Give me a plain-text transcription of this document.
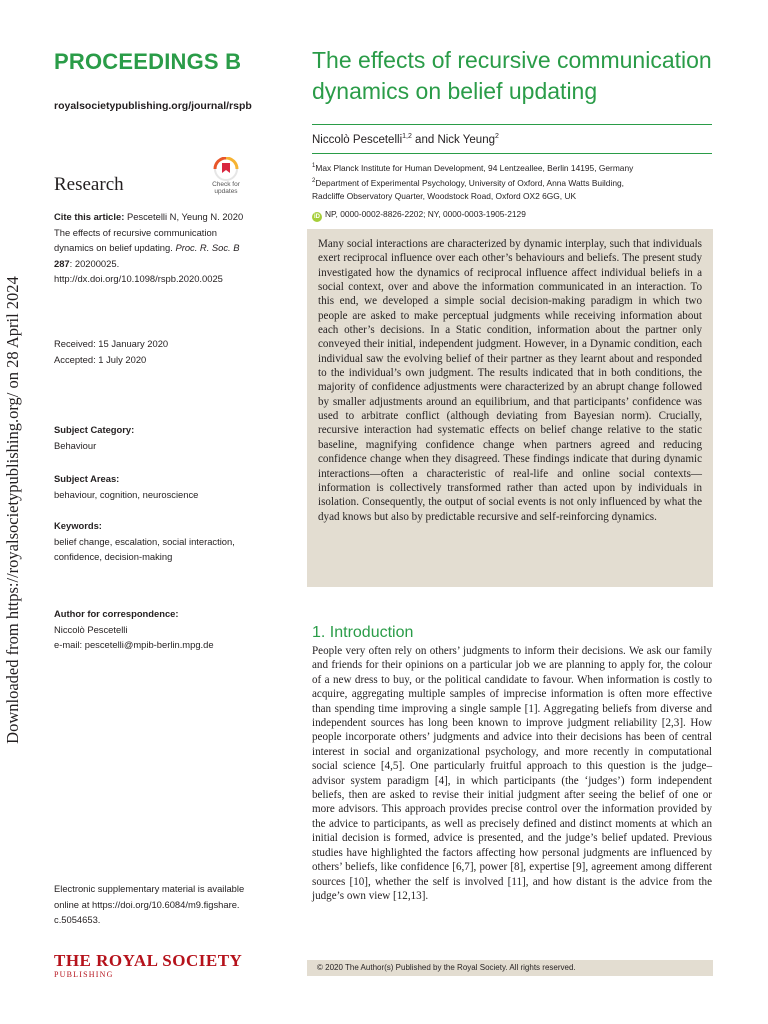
Downloaded from https://royalsocietypublishing.org/ on 28 April 2024
PROCEEDINGS B
royalsocietypublishing.org/journal/rspb
Research	Check for updates
Cite this article: Pescetelli N, Yeung N. 2020 The effects of recursive communication dynamics on belief updating. Proc. R. Soc. B
287: 20200025.
http://dx.doi.org/10.1098/rspb.2020.0025
Received: 15 January 2020
Accepted: 1 July 2020
Subject Category:
Behaviour
Subject Areas:
behaviour, cognition, neuroscience
Keywords:
belief change, escalation, social interaction,
confidence, decision-making
Author for correspondence:
Niccolò Pescetelli
e-mail: pescetelli@mpib-berlin.mpg.de
Electronic supplementary material is available
online at https://doi.org/10.6084/m9.figshare.
c.5054653.
THE ROYAL SOCIETY
PUBLISHING
The effects of recursive communication dynamics on belief updating
Niccolò Pescetelli$^{1,2}$ and Nick Yeung$^2$
$^1$Max Planck Institute for Human Development, 94 Lentzeallee, Berlin 14195, Germany
$^2$Department of Experimental Psychology, University of Oxford, Anna Watts Building,
Radcliffe Observatory Quarter, Woodstock Road, Oxford OX2 6GG, UK
iD NP, 0000-0002-8826-2202; NY, 0000-0003-1905-2129

Many social interactions are characterized by dynamic interplay, such that individuals exert reciprocal influence over each other’s behaviours and beliefs. The present study investigated how the dynamics of reciprocal influence affect individual beliefs in a social context, over and above the information communicated in an interaction. To this end, we developed a simple social decision-making paradigm in which two people are asked to make perceptual judgments while receiving information about each other’s decisions. In a Static condition, information about the partner only conveyed their initial, independent judgment. However, in a Dynamic condition, each individual saw the evolving belief of their partner as they learnt about and responded to the individual’s own judgment. The results indicated that in both conditions, the majority of confidence adjustments were characterized by an abrupt change followed by smaller adjustments around an equilibrium, and that participants’ confidence was used to arbitrate conflict (although deviating from Bayesian norm). Crucially, recursive interaction had systematic effects on belief change relative to the static baseline, magnifying confidence change when partners agreed and reducing confidence change when they disagreed. These findings indicate that during dynamic interactions—often a characteristic of real-life and online social contexts—information is collectively transformed rather than acted upon by individuals in isolation. Consequently, the output of social events is not only influenced by what the dyad knows but also by predictable recursive and self-reinforcing dynamics.

1. Introduction

People very often rely on others’ judgments to inform their decisions. We ask our family and friends for their opinions on a particular job we are planning to apply for, the colour of a new dress to buy, or the political candidate to favour. When information is costly to acquire, aggregating multiple samples of imprecise information is often more effective than spending time improving a single sample [1]. Aggregating beliefs from diverse and independent sources has long been known to improve judgment reliability [2,3]. How people incorporate others’ judgments and advice into their decisions has been of central interest in social and organizational psychology, and more recently in computational social science [4,5]. One particularly fruitful approach to this question is the judge–advisor system paradigm [4], in which participants (the ‘judges’) form independent beliefs, then are asked to revise their initial judgment after seeing the belief of one or more advisors. This approach provides precise control over the information provided by the advice to participants, as well as precisely defined and distinct moments at which an initial decision is formed, advice is presented, and the judge’s belief updated. Previous studies have highlighted the factors affecting how personal judgments are influenced by others’ beliefs, like confidence [6,7], power [8], expertise [9], agreement among different sources [10], whether the self is involved [11], and how distant is the advice from the judge’s own view [12,13].

© 2020 The Author(s) Published by the Royal Society. All rights reserved.
